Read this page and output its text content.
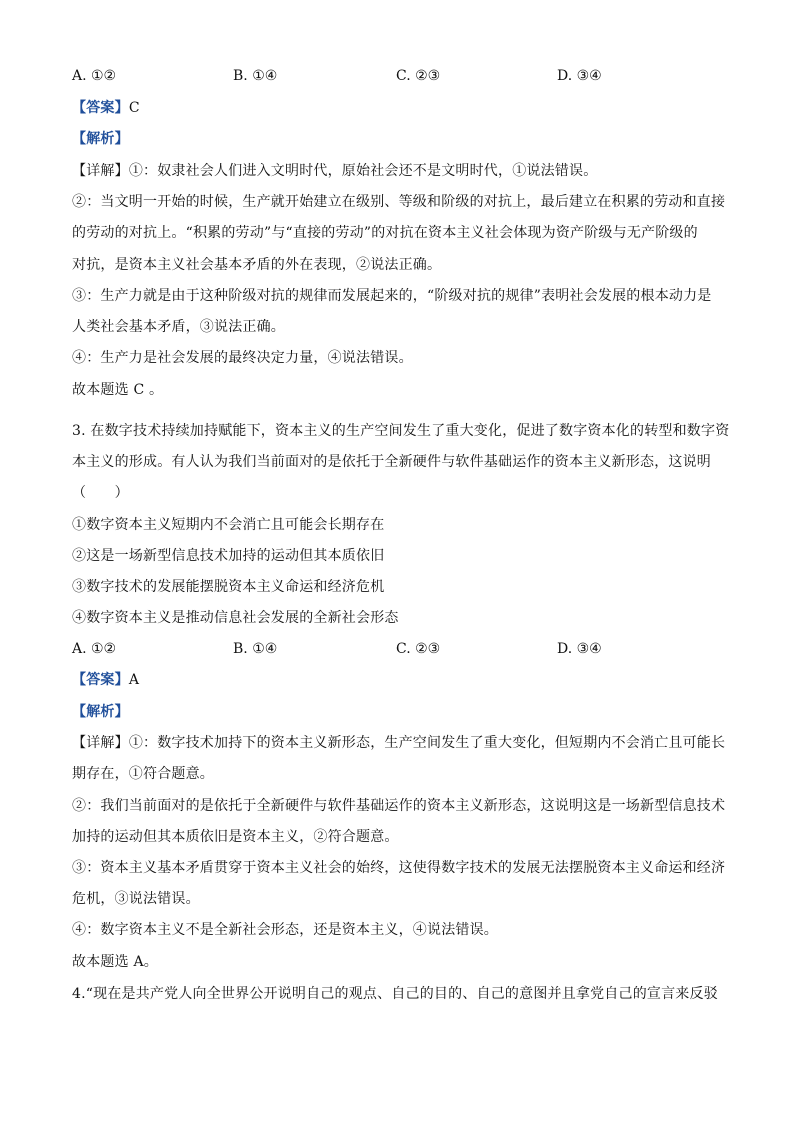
A. ①②	B. ①④	C. ②③	D. ③④
【答案】C
【解析】
【详解】①：奴隶社会人们进入文明时代，原始社会还不是文明时代，①说法错误。
②：当文明一开始的时候，生产就开始建立在级别、等级和阶级的对抗上，最后建立在积累的劳动和直接
的劳动的对抗上。“积累的劳动”与“直接的劳动”的对抗在资本主义社会体现为资产阶级与无产阶级的
对抗，是资本主义社会基本矛盾的外在表现，②说法正确。
③：生产力就是由于这种阶级对抗的规律而发展起来的，“阶级对抗的规律”表明社会发展的根本动力是
人类社会基本矛盾，③说法正确。
④：生产力是社会发展的最终决定力量，④说法错误。
故本题选 C 。
3. 在数字技术持续加持赋能下，资本主义的生产空间发生了重大变化，促进了数字资本化的转型和数字资
本主义的形成。有人认为我们当前面对的是依托于全新硬件与软件基础运作的资本主义新形态，这说明
（　　）
①数字资本主义短期内不会消亡且可能会长期存在
②这是一场新型信息技术加持的运动但其本质依旧
③数字技术的发展能摆脱资本主义命运和经济危机
④数字资本主义是推动信息社会发展的全新社会形态
A. ①②	B. ①④	C. ②③	D. ③④
【答案】A
【解析】
【详解】①：数字技术加持下的资本主义新形态，生产空间发生了重大变化，但短期内不会消亡且可能长
期存在，①符合题意。
②：我们当前面对的是依托于全新硬件与软件基础运作的资本主义新形态，这说明这是一场新型信息技术
加持的运动但其本质依旧是资本主义，②符合题意。
③：资本主义基本矛盾贯穿于资本主义社会的始终，这使得数字技术的发展无法摆脱资本主义命运和经济
危机，③说法错误。
④：数字资本主义不是全新社会形态，还是资本主义，④说法错误。
故本题选 A。
4.“现在是共产党人向全世界公开说明自己的观点、自己的目的、自己的意图并且拿党自己的宣言来反驳
